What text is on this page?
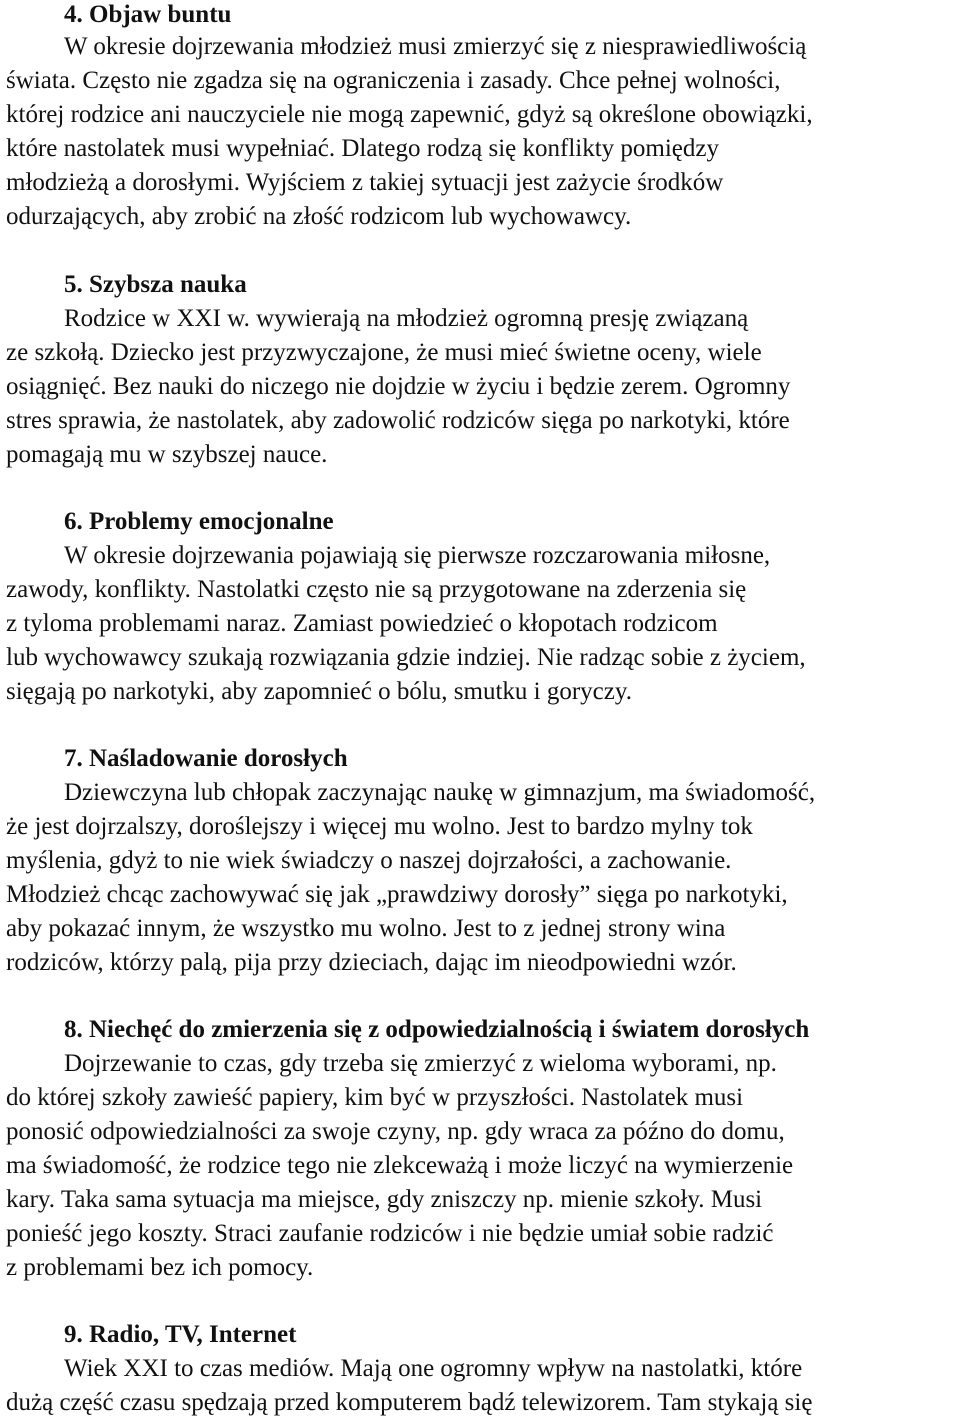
4. Objaw buntu
W okresie dojrzewania młodzież musi zmierzyć się z niesprawiedliwością
świata. Często nie zgadza się na ograniczenia i zasady. Chce pełnej wolności,
której rodzice ani nauczyciele nie mogą zapewnić, gdyż są określone obowiązki,
które nastolatek musi wypełniać. Dlatego rodzą się konflikty pomiędzy
młodzieżą a dorosłymi. Wyjściem z takiej sytuacji jest zażycie środków
odurzających, aby zrobić na złość rodzicom lub wychowawcy.
5. Szybsza nauka
Rodzice w XXI w. wywierają na młodzież ogromną presję związaną
ze szkołą. Dziecko jest przyzwyczajone, że musi mieć świetne oceny, wiele
osiągnięć. Bez nauki do niczego nie dojdzie w życiu i będzie zerem. Ogromny
stres sprawia, że nastolatek, aby zadowolić rodziców sięga po narkotyki, które
pomagają mu w szybszej nauce.
6. Problemy emocjonalne
W okresie dojrzewania pojawiają się pierwsze rozczarowania miłosne,
zawody, konflikty. Nastolatki często nie są przygotowane na zderzenia się
z tyloma problemami naraz. Zamiast powiedzieć o kłopotach rodzicom
lub wychowawcy szukają rozwiązania gdzie indziej. Nie radząc sobie z życiem,
sięgają po narkotyki, aby zapomnieć o bólu, smutku i goryczy.
7. Naśladowanie dorosłych
Dziewczyna lub chłopak zaczynając naukę w gimnazjum, ma świadomość,
że jest dojrzalszy, doroślejszy i więcej mu wolno. Jest to bardzo mylny tok
myślenia, gdyż to nie wiek świadczy o naszej dojrzałości, a zachowanie.
Młodzież chcąc zachowywać się jak „prawdziwy dorosły” sięga po narkotyki,
aby pokazać innym, że wszystko mu wolno. Jest to z jednej strony wina
rodziców, którzy palą, pija przy dzieciach, dając im nieodpowiedni wzór.
8. Niechęć do zmierzenia się z odpowiedzialnością i światem dorosłych
Dojrzewanie to czas, gdy trzeba się zmierzyć z wieloma wyborami, np.
do której szkoły zawieść papiery, kim być w przyszłości. Nastolatek musi
ponosić odpowiedzialności za swoje czyny, np. gdy wraca za późno do domu,
ma świadomość, że rodzice tego nie zlekceważą i może liczyć na wymierzenie
kary. Taka sama sytuacja ma miejsce, gdy zniszczy np. mienie szkoły. Musi
ponieść jego koszty. Straci zaufanie rodziców i nie będzie umiał sobie radzić
z problemami bez ich pomocy.
9. Radio, TV, Internet
Wiek XXI to czas mediów. Mają one ogromny wpływ na nastolatki, które
dużą część czasu spędzają przed komputerem bądź telewizorem. Tam stykają się
